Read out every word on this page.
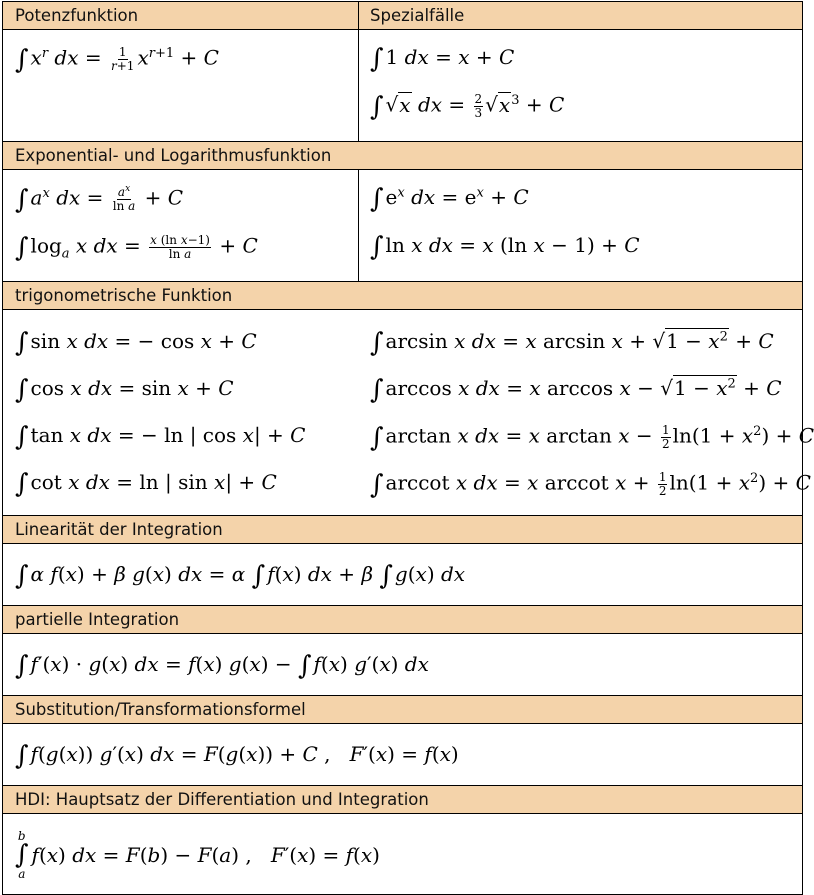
Potenzfunktion	Spezialfälle
∫ $x^r$ dx = $\frac{1}{r+1} x^{r+1} + C$	∫ 1 dx = x + C
∫ √x dx = $\frac{2}{3} √x^3 + C$
Exponential- und Logarithmusfunktion
∫ $a^x$ dx = $\frac{a^x}{\text{ln a}} + C$
∫ $\log_a x$ dx = $\frac{\text{x (ln x−1)}}{\text{ln a}} + C$
∫ $e^x$ dx = $e^x + C$
∫ ln x dx = x (ln x − 1) + C
trigonometrische Funktion
∫ sin x dx = − cos x + C
∫ cos x dx = sin x + C
∫ tan x dx = − ln | cos x| + C
∫ cot x dx = ln | sin x| + C
∫ arcsin x dx = x $\arcsin x + √1 - x^2 + C$
∫ arccos x dx = x $\arccos x - √1 - x^2 + C$
∫ arctan x dx = x $\arctan x - \frac{1}{2} \ln(1 + x^2) + C$
∫ arccot x dx = x arccot $x + \frac{1}{2} \ln(1 + x^2) + C$
Linearität der Integration
∫ α f(x) + β g(x) dx = α ∫ f(x) dx + β ∫ g(x) dx
partielle Integration
∫ f′(x) · g(x) dx = f(x) g(x) − ∫ f(x) g′(x) dx
Substitution/Transformationsformel
∫ f(g(x)) g′(x) dx = F(g(x)) + C ,   F′(x) = f(x)
HDI: Hauptsatz der Differentiation und Integration
b
∫
a
f(x) dx = F(b) − F(a) ,   F′(x) = f(x)
